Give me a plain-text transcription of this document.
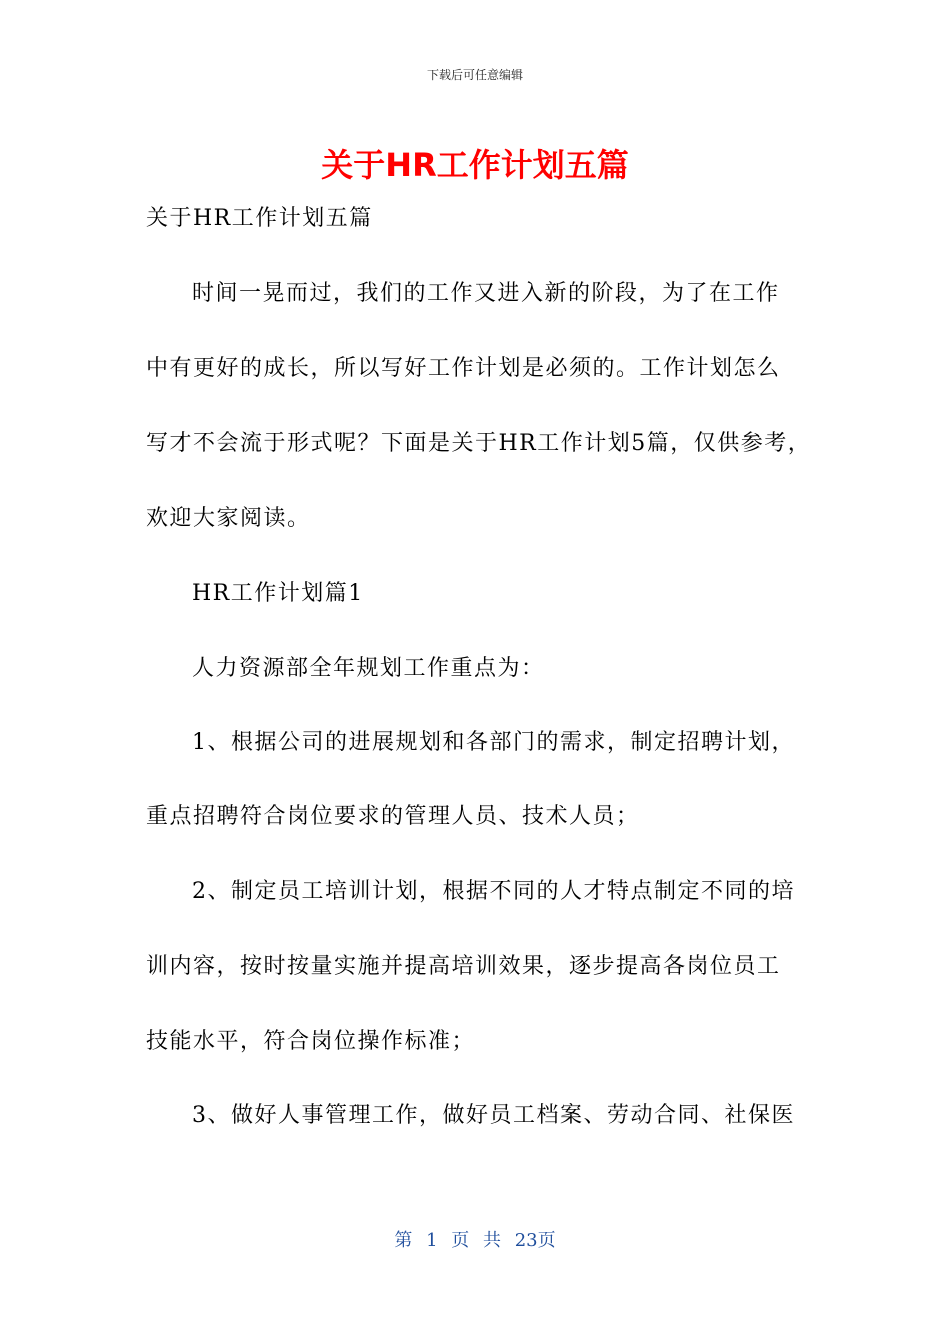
下载后可任意编辑
关于HR工作计划五篇
关于HR工作计划五篇
时间一晃而过，我们的工作又进入新的阶段，为了在工作
中有更好的成长，所以写好工作计划是必须的。工作计划怎么
写才不会流于形式呢？下面是关于HR工作计划5篇，仅供参考，
欢迎大家阅读。
HR工作计划篇1
人力资源部全年规划工作重点为：
1、根据公司的进展规划和各部门的需求，制定招聘计划，
重点招聘符合岗位要求的管理人员、技术人员；
2、制定员工培训计划，根据不同的人才特点制定不同的培
训内容，按时按量实施并提高培训效果，逐步提高各岗位员工
技能水平，符合岗位操作标准；
3、做好人事管理工作，做好员工档案、劳动合同、社保医
第 1 页 共 23页
